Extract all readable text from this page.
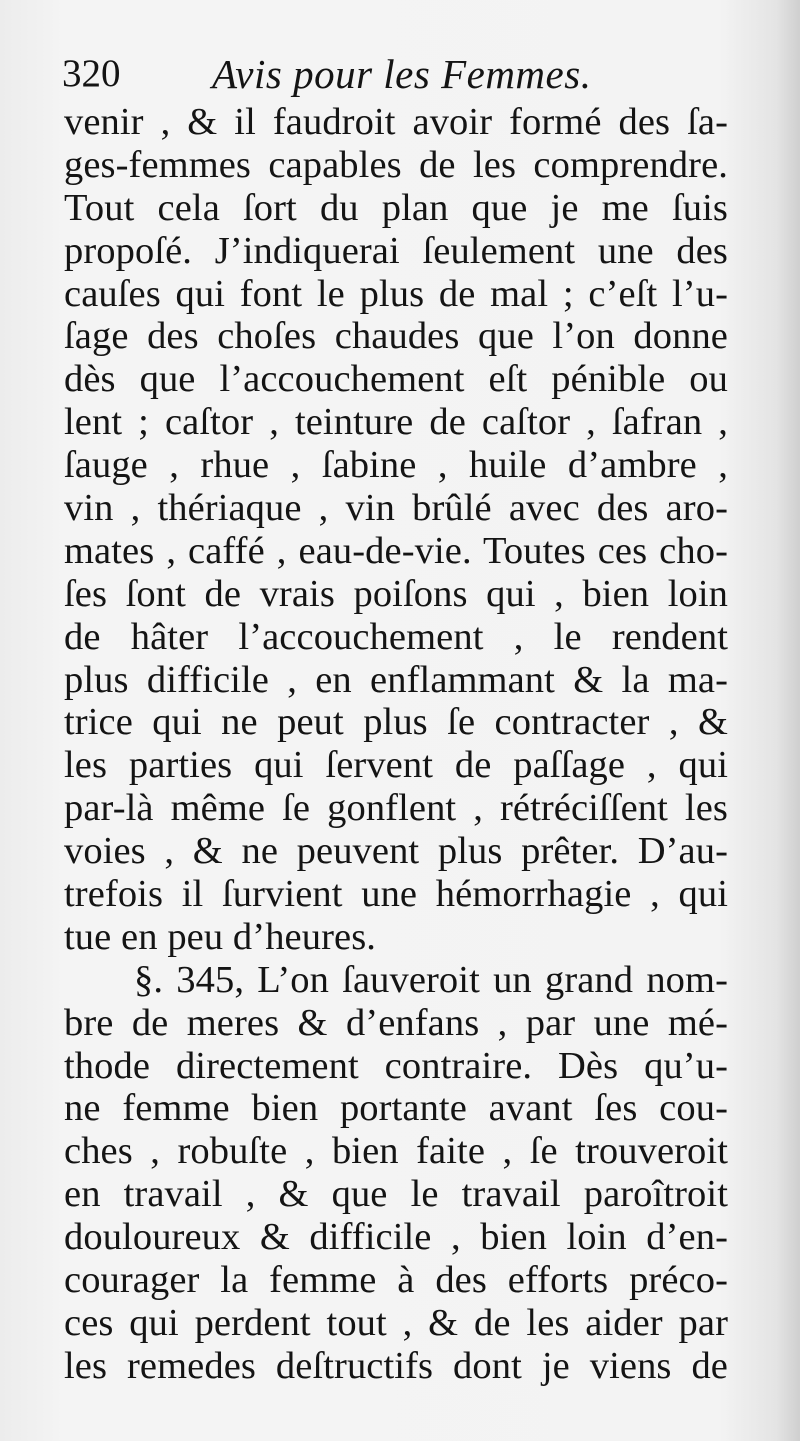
320 Avis pour les Femmes.
venir , & il faudroit avoir formé des ſa-
ges-femmes capables de les comprendre.
Tout cela ſort du plan que je me ſuis
propoſé. J’indiquerai ſeulement une des
cauſes qui font le plus de mal ; c’eſt l’u-
ſage des choſes chaudes que l’on donne
dès que l’accouchement eſt pénible ou
lent ; caſtor , teinture de caſtor , ſafran ,
ſauge , rhue , ſabine , huile d’ambre ,
vin , thériaque , vin brûlé avec des aro-
mates , caffé , eau-de-vie. Toutes ces cho-
ſes ſont de vrais poiſons qui , bien loin
de hâter l’accouchement , le rendent
plus difficile , en enflammant & la ma-
trice qui ne peut plus ſe contracter , &
les parties qui ſervent de paſſage , qui
par-là même ſe gonflent , rétréciſſent les
voies , & ne peuvent plus prêter. D’au-
trefois il ſurvient une hémorrhagie , qui
tue en peu d’heures.
§. 345, L’on ſauveroit un grand nom-
bre de meres & d’enfans , par une mé-
thode directement contraire. Dès qu’u-
ne femme bien portante avant ſes cou-
ches , robuſte , bien faite , ſe trouveroit
en travail , & que le travail paroîtroit
douloureux & difficile , bien loin d’en-
courager la femme à des efforts préco-
ces qui perdent tout , & de les aider par
les remedes deſtructifs dont je viens de
